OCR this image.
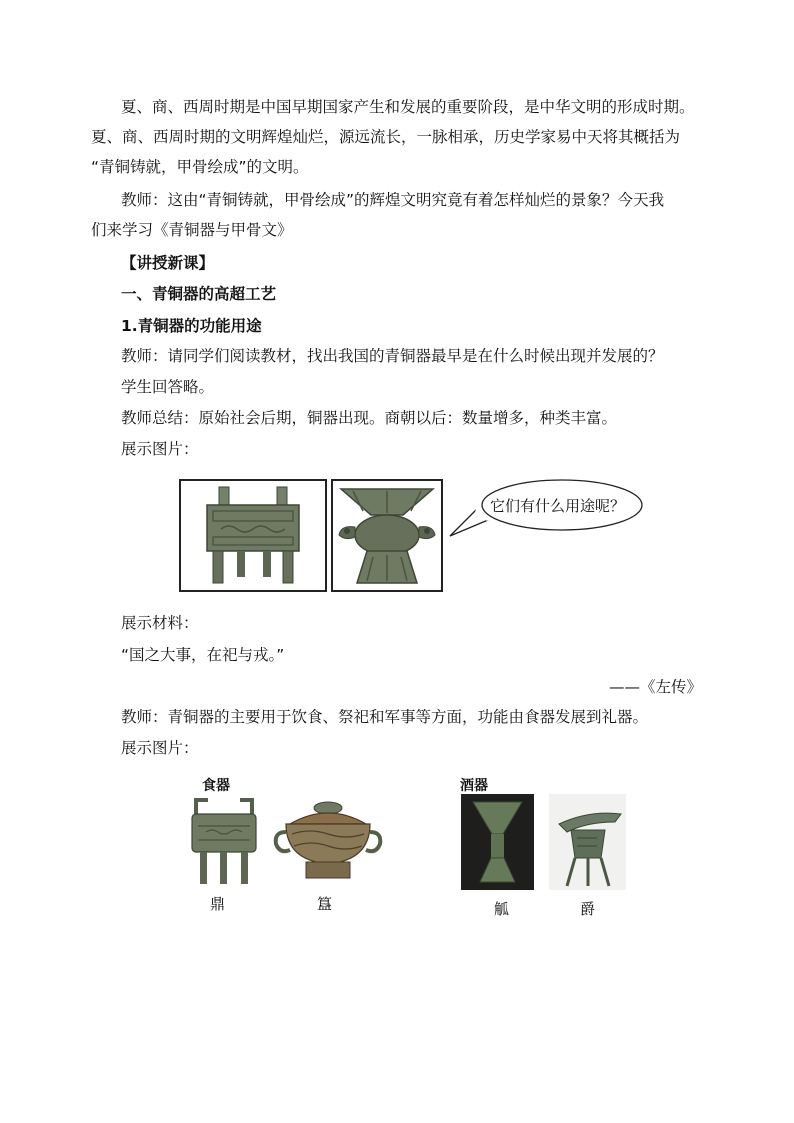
夏、商、西周时期是中国早期国家产生和发展的重要阶段，是中华文明的形成时期。
夏、商、西周时期的文明辉煌灿烂，源远流长，一脉相承，历史学家易中天将其概括为
“青铜铸就，甲骨绘成”的文明。
教师：这由“青铜铸就，甲骨绘成”的辉煌文明究竟有着怎样灿烂的景象？今天我
们来学习《青铜器与甲骨文》
【讲授新课】
一、青铜器的高超工艺
1.青铜器的功能用途
教师：请同学们阅读教材，找出我国的青铜器最早是在什么时候出现并发展的？
学生回答略。
教师总结：原始社会后期，铜器出现。商朝以后：数量增多，种类丰富。
展示图片：
它们有什么用途呢？
展示材料：
“国之大事，在祀与戎。”
——《左传》
教师：青铜器的主要用于饮食、祭祀和军事等方面，功能由食器发展到礼器。
展示图片：
食器	酒器
鼎	簋	觚	爵
